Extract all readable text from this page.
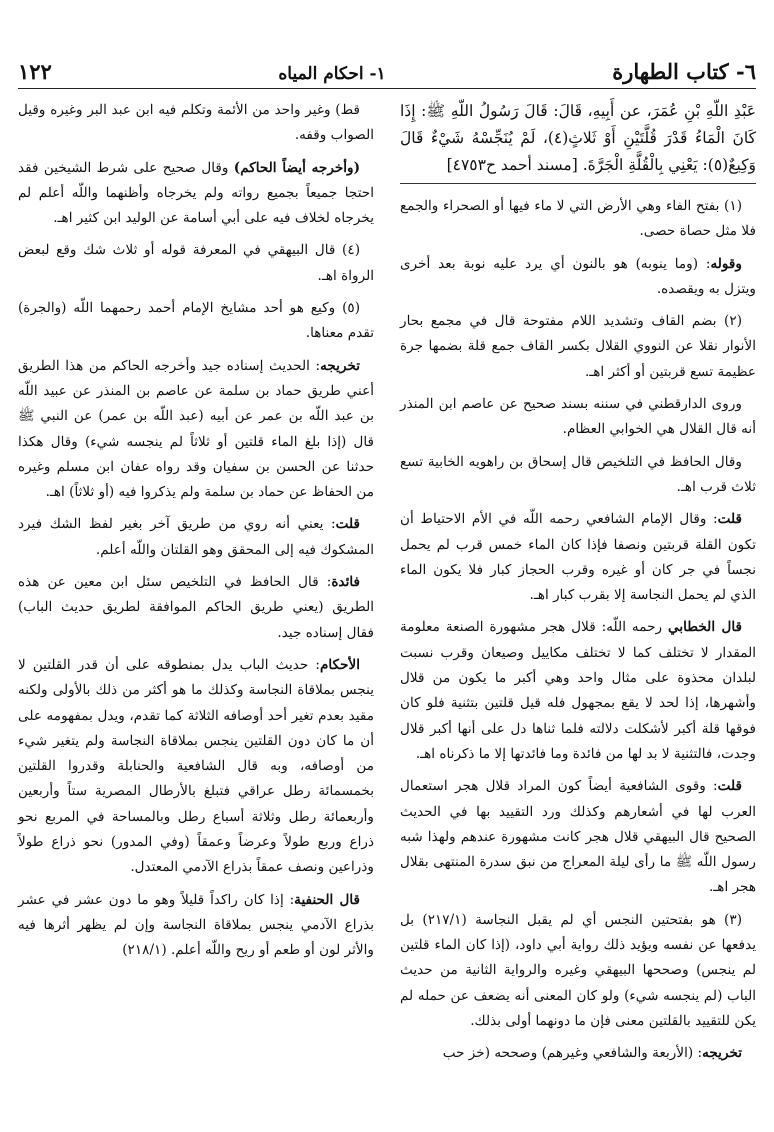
٦- كتاب الطهارة
١- احكام المياه
١٢٢

عَبْدِ اللّهِ بْنِ عُمَرَ، عن أَبِيهِ، قَالَ: قَالَ رَسُولُ اللّهِ ﷺ: إِذَا كَانَ الْمَاءُ قَدْرَ قُلَّتَيْنِ أَوْ ثَلاثٍ(٤)، لَمْ يُنَجِّسْهُ شَيْءٌ قَالَ وَكِيعٌ(٥): يَعْنِي بِالْقُلَّةِ الْجَرَّةَ. [مسند أحمد ح٤٧٥٣]

(١) بفتح الفاء وهي الأرض التي لا ماء فيها أو الصحراء والجمع فلا مثل حصاة حصى.

وقوله: (وما ينوبه) هو بالنون أي يرد عليه نوبة بعد أخرى ويتزل به ويقصده.

(٢) بضم القاف وتشديد اللام مفتوحة قال في مجمع بحار الأنوار نقلا عن النووي القلال بكسر القاف جمع قلة بضمها جرة عظيمة تسع قربتين أو أكثر اهـ.

وروى الدارقطني في سننه بسند صحيح عن عاصم ابن المنذر أنه قال القلال هي الخوابي العظام.

وقال الحافظ في التلخيص قال إسحاق بن راهويه الخابية تسع ثلاث قرب اهـ.

قلت: وقال الإمام الشافعي رحمه اللّه في الأم الاحتياط أن تكون القلة قربتين ونصفا فإذا كان الماء خمس قرب لم يحمل نجساً في جر كان أو غيره وقرب الحجاز كبار فلا يكون الماء الذي لم يحمل النجاسة إلا بقرب كبار اهـ.

قال الخطابي رحمه اللّه: قلال هجر مشهورة الصنعة معلومة المقدار لا تختلف كما لا تختلف مكاييل وصيعان وقرب نسبت لبلدان محذوة على مثال واحد وهي أكبر ما يكون من قلال وأشهرها، إذا لحد لا يقع بمجهول فله قيل قلتين بتثنية فلو كان فوقها قلة أكبر لأشكلت دلالته فلما ثناها دل على أنها أكبر قلال وجدت، فالتثنية لا بد لها من فائدة وما فائدتها إلا ما ذكرناه اهـ.

قلت: وقوى الشافعية أيضاً كون المراد قلال هجر استعمال العرب لها في أشعارهم وكذلك ورد التقييد بها في الحديث الصحيح قال البيهقي قلال هجر كانت مشهورة عندهم ولهذا شبه رسول اللّه ﷺ ما رأى ليلة المعراج من نبق سدرة المنتهى بقلال هجر اهـ.

(٣) هو بفتحتين النجس أي لم يقبل النجاسة (٢١٧/١) بل يدفعها عن نفسه ويؤيد ذلك رواية أبي داود، (إذا كان الماء قلتين لم ينجس) وصححها البيهقي وغيره والرواية الثانية من حديث الباب (لم ينجسه شيء) ولو كان المعنى أنه يضعف عن حمله لم يكن للتقييد بالقلتين معنى فإن ما دونهما أولى بذلك.

تخريجه: (الأربعة والشافعي وغيرهم) وصححه (خز حب

قط) وغير واحد من الأئمة وتكلم فيه ابن عبد البر وغيره وقيل الصواب وقفه.

(وأخرجه أيضاً الحاكم) وقال صحيح على شرط الشيخين فقد احتجا جميعاً بجميع رواته ولم يخرجاه وأظنهما واللّه أعلم لم يخرجاه لخلاف فيه على أبي أسامة عن الوليد ابن كثير اهـ.

(٤) قال البيهقي في المعرفة قوله أو ثلاث شك وقع لبعض الرواة اهـ.

(٥) وكيع هو أحد مشايخ الإمام أحمد رحمهما اللّه (والجرة) تقدم معناها.

تخريجه: الحديث إسناده جيد وأخرجه الحاكم من هذا الطريق أعني طريق حماد بن سلمة عن عاصم بن المنذر عن عبيد اللّه بن عبد اللّه بن عمر عن أبيه (عبد اللّه بن عمر) عن النبي ﷺ قال (إذا بلغ الماء قلتين أو ثلاثاً لم ينجسه شيء) وقال هكذا حدثنا عن الحسن بن سفيان وقد رواه عفان ابن مسلم وغيره من الحفاظ عن حماد بن سلمة ولم يذكروا فيه (أو ثلاثاً) اهـ.

قلت: يعني أنه روي من طريق آخر بغير لفظ الشك فيرد المشكوك فيه إلى المحقق وهو القلتان واللّه أعلم.

فائدة: قال الحافظ في التلخيص سئل ابن معين عن هذه الطريق (يعني طريق الحاكم الموافقة لطريق حديث الباب) فقال إسناده جيد.

الأحكام: حديث الباب يدل بمنطوقه على أن قدر القلتين لا ينجس بملاقاة النجاسة وكذلك ما هو أكثر من ذلك بالأولى ولكنه مقيد بعدم تغير أحد أوصافه الثلاثة كما تقدم، ويدل بمفهومه على أن ما كان دون القلتين ينجس بملاقاة النجاسة ولم يتغير شيء من أوصافه، وبه قال الشافعية والحنابلة وقدروا القلتين بخمسمائة رطل عراقي فتبلغ بالأرطال المصرية ستاً وأربعين وأربعمائة رطل وثلاثة أسباع رطل وبالمساحة في المربع نحو ذراع وربع طولاً وعرضاً وعمقاً (وفي المدور) نحو ذراع طولاً وذراعين ونصف عمقاً بذراع الآدمي المعتدل.

قال الحنفية: إذا كان راكداً قليلاً وهو ما دون عشر في عشر بذراع الآدمي ينجس بملاقاة النجاسة وإن لم يظهر أثرها فيه والأثر لون أو طعم أو ريح واللّه أعلم. (٢١٨/١)
